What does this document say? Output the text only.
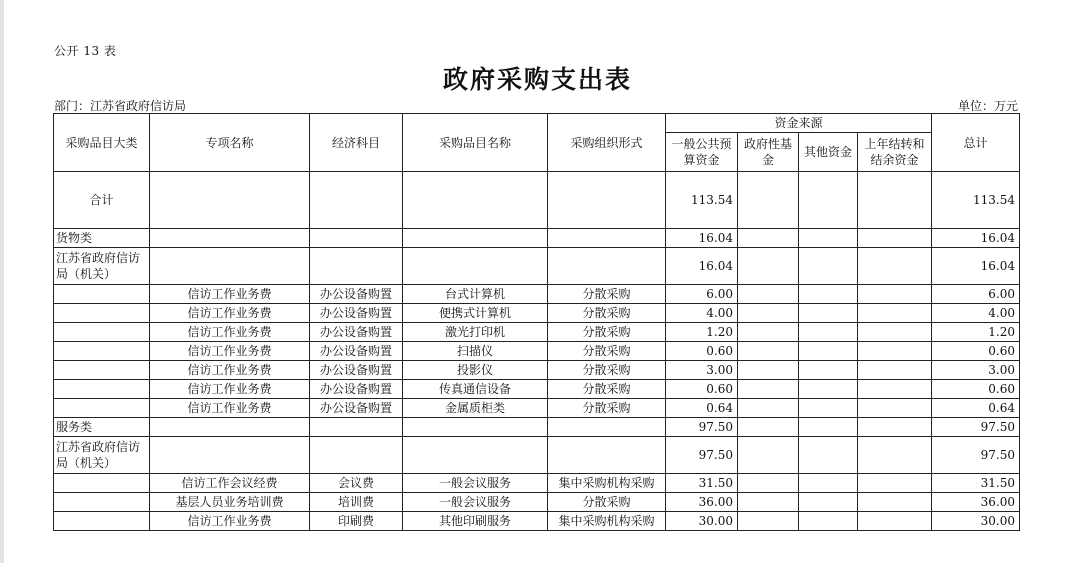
公开 13 表
政府采购支出表
部门：江苏省政府信访局	单位：万元
采购品目大类	专项名称	经济科目	采购品目名称	采购组织形式	资金来源				总计
					一般公共预算资金	政府性基金	其他资金	上年结转和结余资金	
合计					113.54				113.54
货物类					16.04				16.04
江苏省政府信访局（机关）					16.04				16.04
	信访工作业务费	办公设备购置	台式计算机	分散采购	6.00				6.00
	信访工作业务费	办公设备购置	便携式计算机	分散采购	4.00				4.00
	信访工作业务费	办公设备购置	激光打印机	分散采购	1.20				1.20
	信访工作业务费	办公设备购置	扫描仪	分散采购	0.60				0.60
	信访工作业务费	办公设备购置	投影仪	分散采购	3.00				3.00
	信访工作业务费	办公设备购置	传真通信设备	分散采购	0.60				0.60
	信访工作业务费	办公设备购置	金属质柜类	分散采购	0.64				0.64
服务类					97.50				97.50
江苏省政府信访局（机关）					97.50				97.50
	信访工作会议经费	会议费	一般会议服务	集中采购机构采购	31.50				31.50
	基层人员业务培训费	培训费	一般会议服务	分散采购	36.00				36.00
	信访工作业务费	印刷费	其他印刷服务	集中采购机构采购	30.00				30.00
